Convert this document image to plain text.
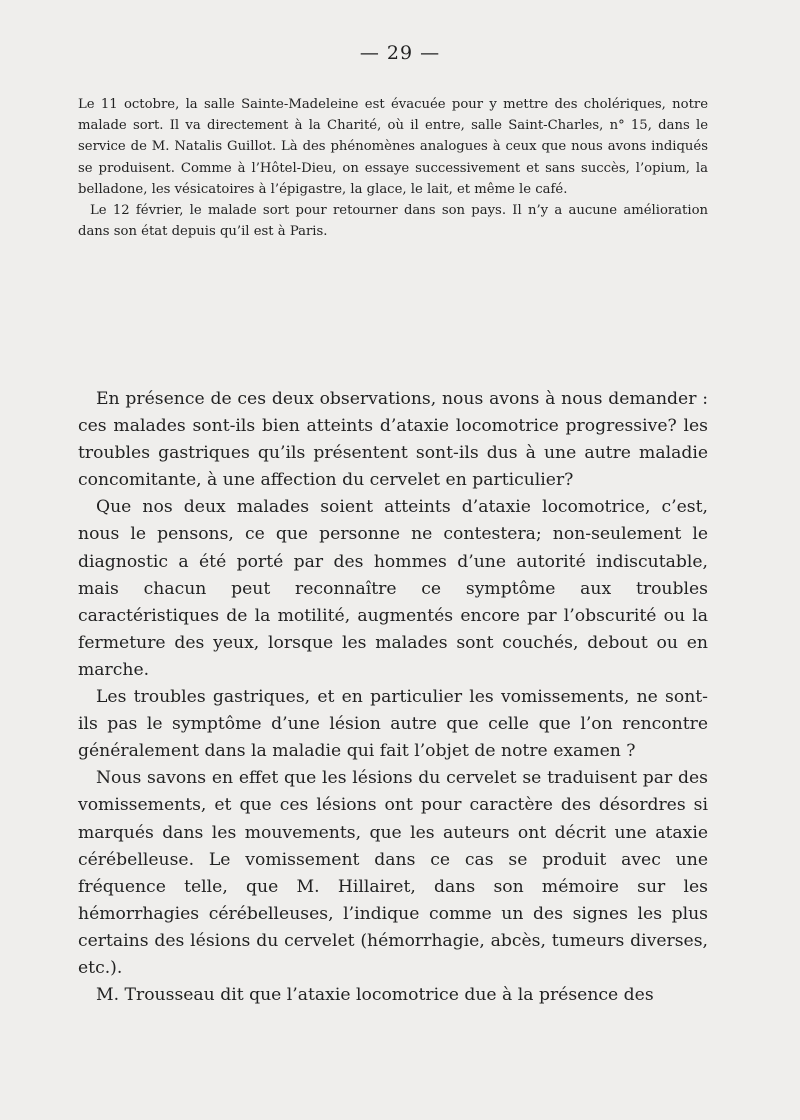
— 29 —

Le 11 octobre, la salle Sainte-Madeleine est évacuée pour y mettre des cholériques, notre malade sort. Il va directement à la Charité, où il entre, salle Saint-Charles, n° 15, dans le service de M. Natalis Guillot. Là des phénomènes analogues à ceux que nous avons indiqués se produisent. Comme à l’Hôtel-Dieu, on essaye successivement et sans succès, l’opium, la belladone, les vésicatoires à l’épigastre, la glace, le lait, et même le café.

Le 12 février, le malade sort pour retourner dans son pays. Il n’y a aucune amélioration dans son état depuis qu’il est à Paris.

En présence de ces deux observations, nous avons à nous demander : ces malades sont-ils bien atteints d’ataxie locomotrice progressive? les troubles gastriques qu’ils présentent sont-ils dus à une autre maladie concomitante, à une affection du cervelet en particulier?

Que nos deux malades soient atteints d’ataxie locomotrice, c’est, nous le pensons, ce que personne ne contestera; non-seulement le diagnostic a été porté par des hommes d’une autorité indiscutable, mais chacun peut reconnaître ce symptôme aux troubles caractéristiques de la motilité, augmentés encore par l’obscurité ou la fermeture des yeux, lorsque les malades sont couchés, debout ou en marche.

Les troubles gastriques, et en particulier les vomissements, ne sont-ils pas le symptôme d’une lésion autre que celle que l’on rencontre généralement dans la maladie qui fait l’objet de notre examen ?

Nous savons en effet que les lésions du cervelet se traduisent par des vomissements, et que ces lésions ont pour caractère des désordres si marqués dans les mouvements, que les auteurs ont décrit une ataxie cérébelleuse. Le vomissement dans ce cas se produit avec une fréquence telle, que M. Hillairet, dans son mémoire sur les hémorrhagies cérébelleuses, l’indique comme un des signes les plus certains des lésions du cervelet (hémorrhagie, abcès, tumeurs diverses, etc.).

M. Trousseau dit que l’ataxie locomotrice due à la présence des
